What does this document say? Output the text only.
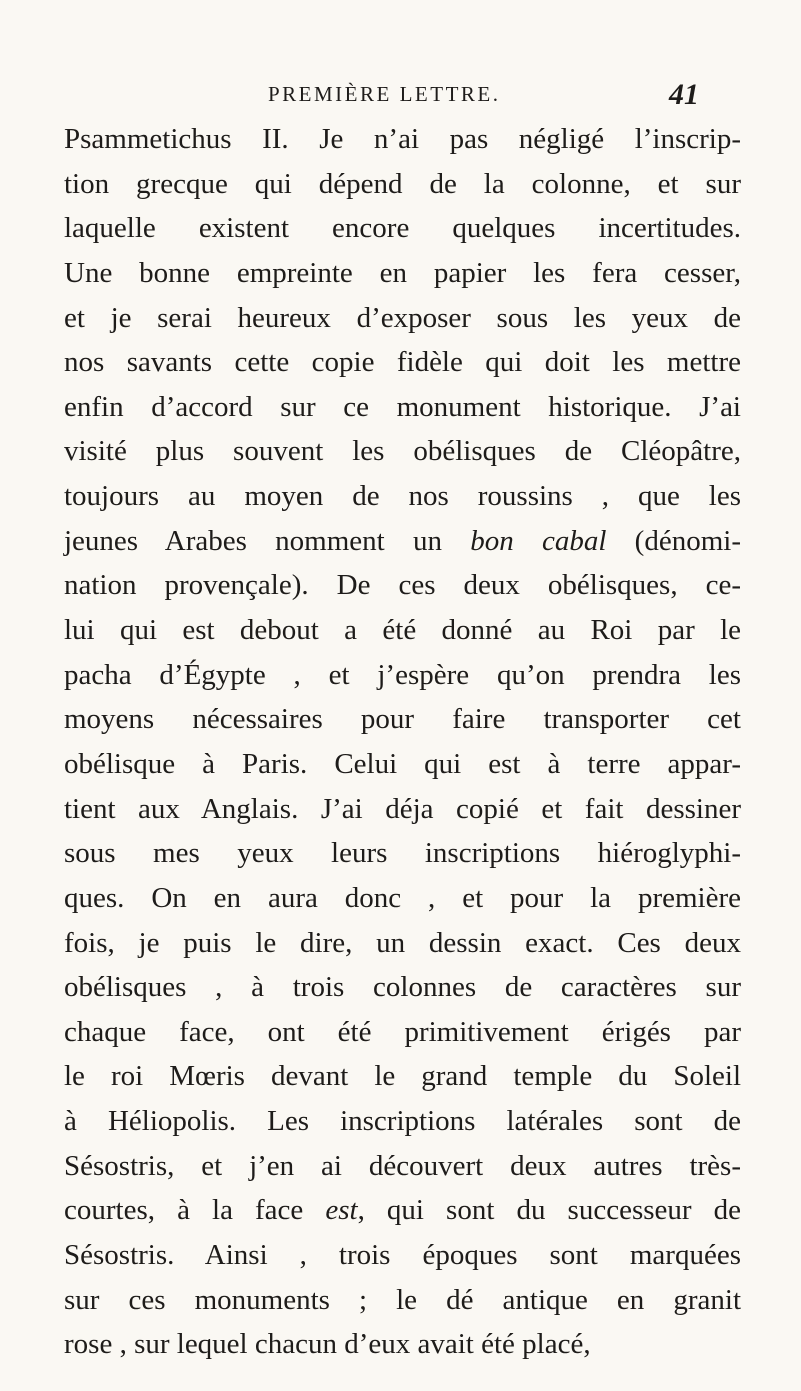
PREMIÈRE LETTRE.	41
Psammetichus II. Je n’ai pas négligé l’inscrip-
tion grecque qui dépend de la colonne, et sur
laquelle existent encore quelques incertitudes.
Une bonne empreinte en papier les fera cesser,
et je serai heureux d’exposer sous les yeux de
nos savants cette copie fidèle qui doit les mettre
enfin d’accord sur ce monument historique. J’ai
visité plus souvent les obélisques de Cléopâtre,
toujours au moyen de nos roussins , que les
jeunes Arabes nomment un bon cabal (dénomi-
nation provençale). De ces deux obélisques, ce-
lui qui est debout a été donné au Roi par le
pacha d’Égypte , et j’espère qu’on prendra les
moyens nécessaires pour faire transporter cet
obélisque à Paris. Celui qui est à terre appar-
tient aux Anglais. J’ai déja copié et fait dessiner
sous mes yeux leurs inscriptions hiéroglyphi-
ques. On en aura donc , et pour la première
fois, je puis le dire, un dessin exact. Ces deux
obélisques , à trois colonnes de caractères sur
chaque face, ont été primitivement érigés par
le roi Mœris devant le grand temple du Soleil
à Héliopolis. Les inscriptions latérales sont de
Sésostris, et j’en ai découvert deux autres très-
courtes, à la face est, qui sont du successeur de
Sésostris. Ainsi , trois époques sont marquées
sur ces monuments ; le dé antique en granit
rose , sur lequel chacun d’eux avait été placé,
